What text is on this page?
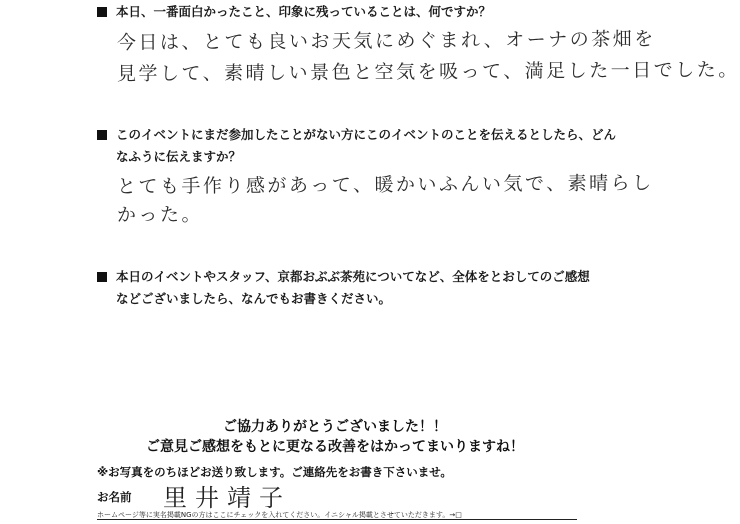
本日、一番面白かったこと、印象に残っていることは、何ですか？
今日は、とても良いお天気にめぐまれ、オーナの茶畑を
見学して、素晴しい景色と空気を吸って、満足した一日でした。
このイベントにまだ参加したことがない方にこのイベントのことを伝えるとしたら、どん
なふうに伝えますか？
とても手作り感があって、暖かいふんい気で、素晴らし
かった。
本日のイベントやスタッフ、京都おぶぶ茶苑についてなど、全体をとおしてのご感想
などございましたら、なんでもお書きください。
ご協力ありがとうございました！！
ご意見ご感想をもとに更なる改善をはかってまいりますね！
※お写真をのちほどお送り致します。ご連絡先をお書き下さいませ。
お名前 里井靖子
ホームページ等に実名掲載NGの方はここにチェックを入れてください。イニシャル掲載とさせていただきます。→□
